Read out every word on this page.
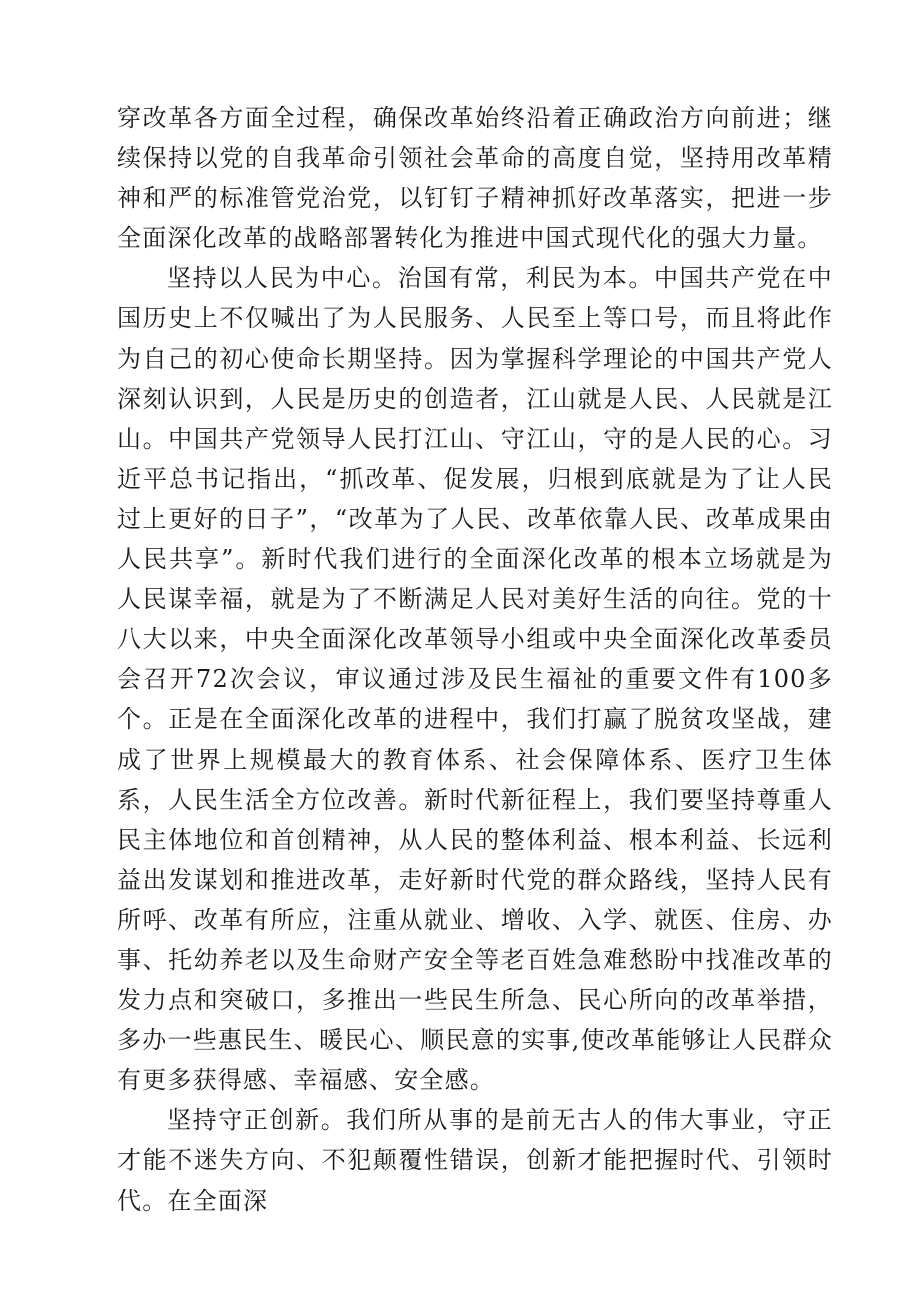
穿改革各方面全过程，确保改革始终沿着正确政治方向前进；继续保持以党的自我革命引领社会革命的高度自觉，坚持用改革精神和严的标准管党治党，以钉钉子精神抓好改革落实，把进一步全面深化改革的战略部署转化为推进中国式现代化的强大力量。

坚持以人民为中心。治国有常，利民为本。中国共产党在中国历史上不仅喊出了为人民服务、人民至上等口号，而且将此作为自己的初心使命长期坚持。因为掌握科学理论的中国共产党人深刻认识到，人民是历史的创造者，江山就是人民、人民就是江山。中国共产党领导人民打江山、守江山，守的是人民的心。习近平总书记指出，“抓改革、促发展，归根到底就是为了让人民过上更好的日子”，“改革为了人民、改革依靠人民、改革成果由人民共享”。新时代我们进行的全面深化改革的根本立场就是为人民谋幸福，就是为了不断满足人民对美好生活的向往。党的十八大以来，中央全面深化改革领导小组或中央全面深化改革委员会召开72次会议，审议通过涉及民生福祉的重要文件有100多个。正是在全面深化改革的进程中，我们打赢了脱贫攻坚战，建成了世界上规模最大的教育体系、社会保障体系、医疗卫生体系，人民生活全方位改善。新时代新征程上，我们要坚持尊重人民主体地位和首创精神，从人民的整体利益、根本利益、长远利益出发谋划和推进改革，走好新时代党的群众路线，坚持人民有所呼、改革有所应，注重从就业、增收、入学、就医、住房、办事、托幼养老以及生命财产安全等老百姓急难愁盼中找准改革的发力点和突破口，多推出一些民生所急、民心所向的改革举措，多办一些惠民生、暖民心、顺民意的实事,使改革能够让人民群众有更多获得感、幸福感、安全感。

坚持守正创新。我们所从事的是前无古人的伟大事业，守正才能不迷失方向、不犯颠覆性错误，创新才能把握时代、引领时代。在全面深
